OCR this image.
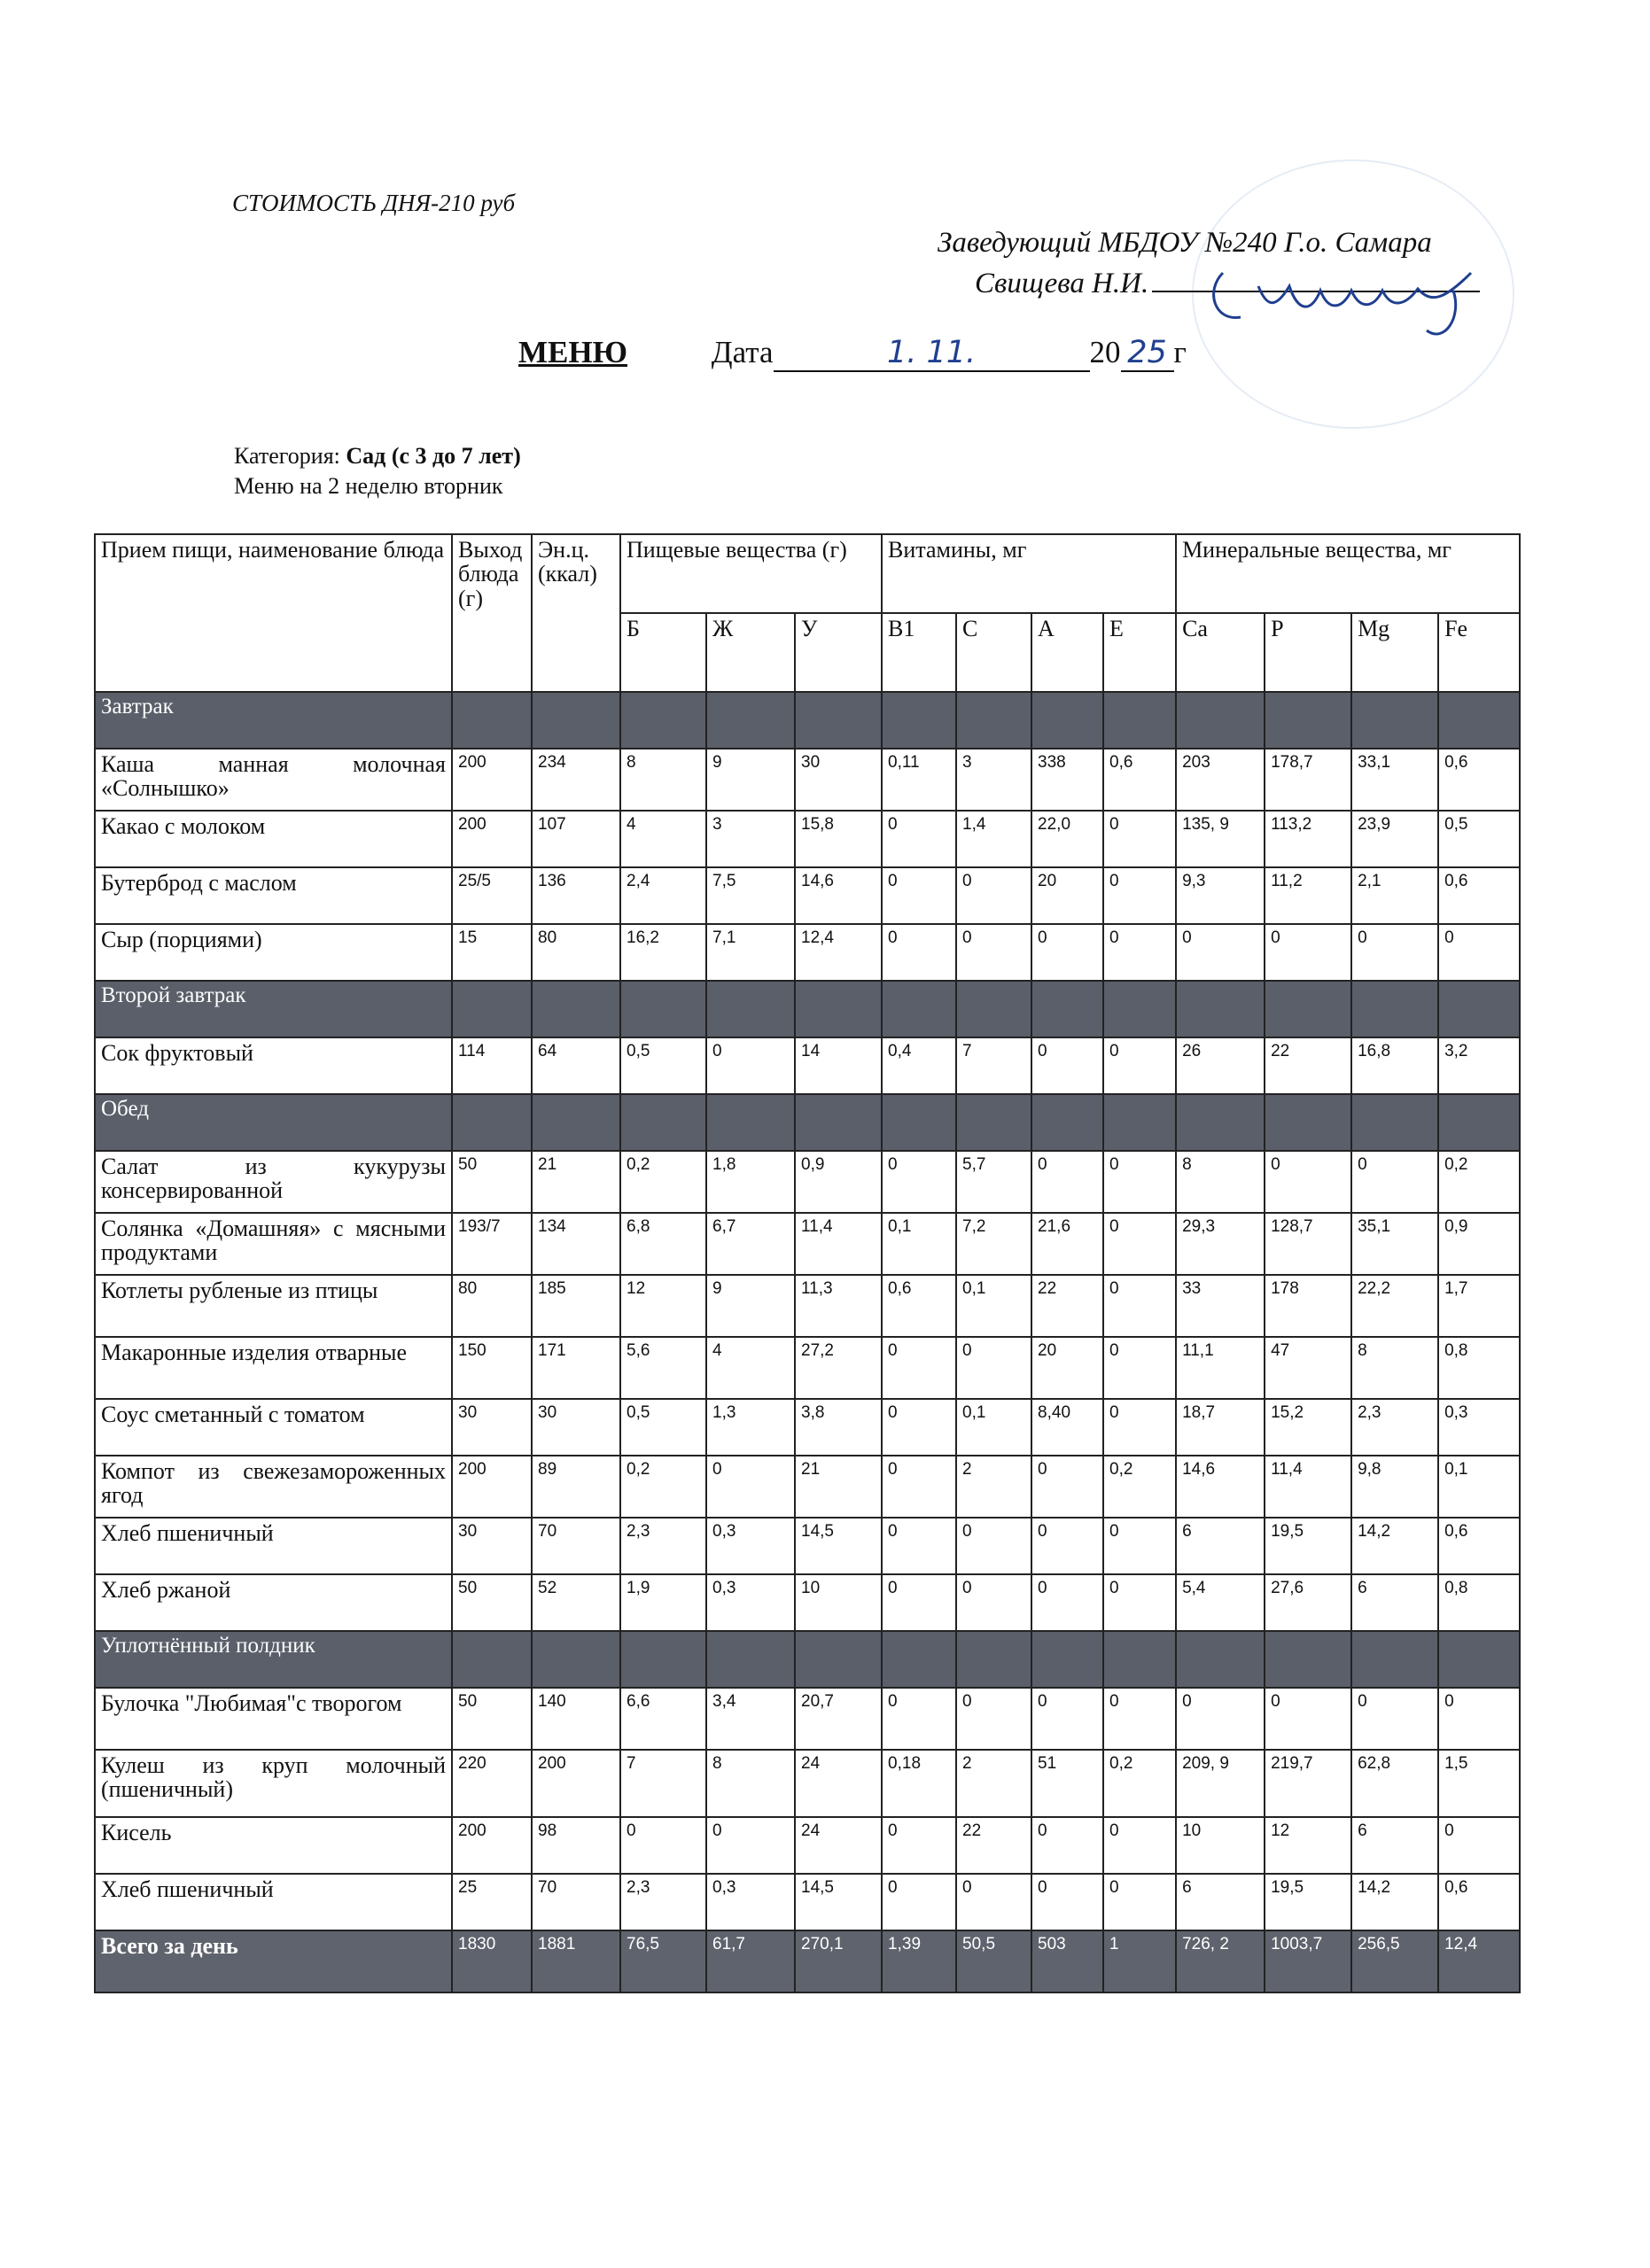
СТОИМОСТЬ ДНЯ-210 руб
Заведующий МБДОУ №240 Г.о. Самара
Свищева Н.И.
МЕНЮ	Дата	1. 11.	20 25 г
Категория: Сад (с 3 до 7 лет)
Меню на 2 неделю вторник
Прием пищи, наименование блюда	Выход блюда (г)	Эн.ц. (ккал)	Пищевые вещества (г)			Витамины, мг				Минеральные вещества, мг			
			Б	Ж	У	В1	С	А	Е	Са	Р	Mg	Fe
Завтрак													
Каша манная молочная «Солнышко»	200	234	8	9	30	0,11	3	338	0,6	203	178,7	33,1	0,6
Какао с молоком	200	107	4	3	15,8	0	1,4	22,0	0	135, 9	113,2	23,9	0,5
Бутерброд с маслом	25/5	136	2,4	7,5	14,6	0	0	20	0	9,3	11,2	2,1	0,6
Сыр (порциями)	15	80	16,2	7,1	12,4	0	0	0	0	0	0	0	0
Второй завтрак													
Сок фруктовый	114	64	0,5	0	14	0,4	7	0	0	26	22	16,8	3,2
Обед													
Салат из кукурузы консервированной	50	21	0,2	1,8	0,9	0	5,7	0	0	8	0	0	0,2
Солянка «Домашняя» с мясными продуктами	193/7	134	6,8	6,7	11,4	0,1	7,2	21,6	0	29,3	128,7	35,1	0,9
Котлеты рубленые из птицы	80	185	12	9	11,3	0,6	0,1	22	0	33	178	22,2	1,7
Макаронные изделия отварные	150	171	5,6	4	27,2	0	0	20	0	11,1	47	8	0,8
Соус сметанный с томатом	30	30	0,5	1,3	3,8	0	0,1	8,40	0	18,7	15,2	2,3	0,3
Компот из свежезамороженных ягод	200	89	0,2	0	21	0	2	0	0,2	14,6	11,4	9,8	0,1
Хлеб пшеничный	30	70	2,3	0,3	14,5	0	0	0	0	6	19,5	14,2	0,6
Хлеб ржаной	50	52	1,9	0,3	10	0	0	0	0	5,4	27,6	6	0,8
Уплотнённый полдник													
Булочка "Любимая"с творогом	50	140	6,6	3,4	20,7	0	0	0	0	0	0	0	0
Кулеш из круп молочный (пшеничный)	220	200	7	8	24	0,18	2	51	0,2	209, 9	219,7	62,8	1,5
Кисель	200	98	0	0	24	0	22	0	0	10	12	6	0
Хлеб пшеничный	25	70	2,3	0,3	14,5	0	0	0	0	6	19,5	14,2	0,6
Всего за день	1830	1881	76,5	61,7	270,1	1,39	50,5	503	1	726, 2	1003,7	256,5	12,4
